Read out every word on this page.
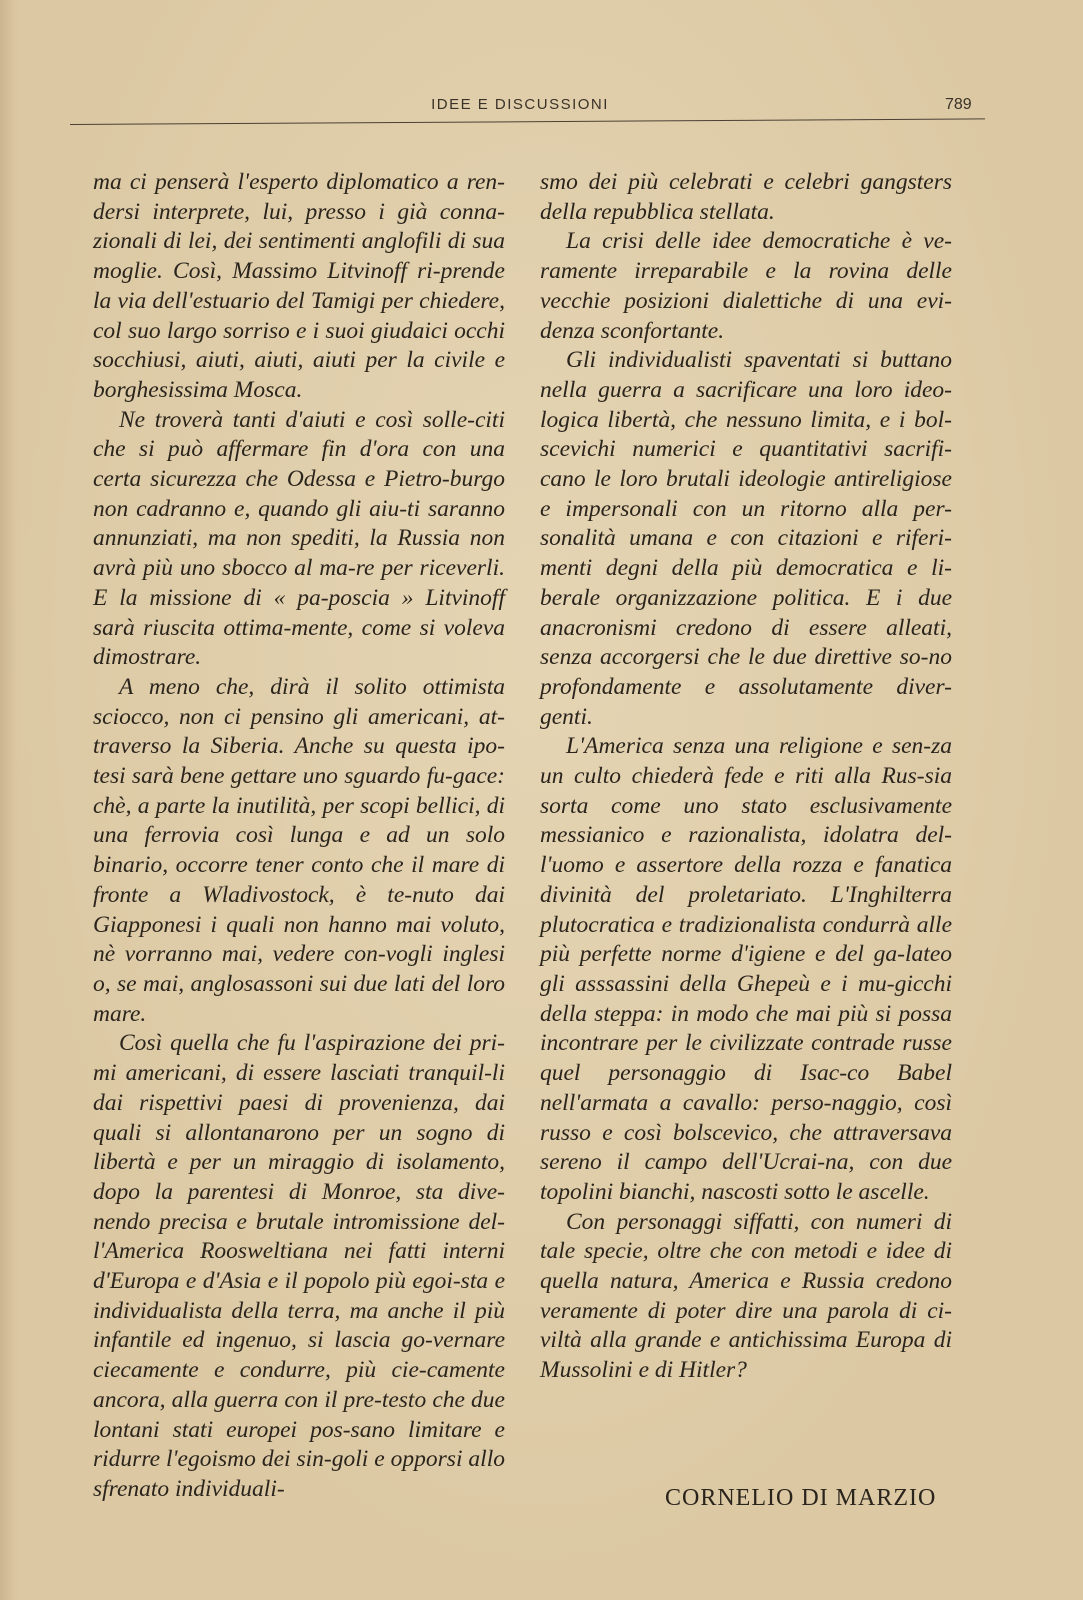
IDEE E DISCUSSIONI	789

ma ci penserà l'esperto diplomatico a ren-dersi interprete, lui, presso i già conna-zionali di lei, dei sentimenti anglofili di sua moglie. Così, Massimo Litvinoff ri-prende la via dell'estuario del Tamigi per chiedere, col suo largo sorriso e i suoi giudaici occhi socchiusi, aiuti, aiuti, aiuti per la civile e borghesissima Mosca.

Ne troverà tanti d'aiuti e così solle-citi che si può affermare fin d'ora con una certa sicurezza che Odessa e Pietro-burgo non cadranno e, quando gli aiu-ti saranno annunziati, ma non spediti, la Russia non avrà più uno sbocco al ma-re per riceverli. E la missione di « pa-poscia » Litvinoff sarà riuscita ottima-mente, come si voleva dimostrare.

A meno che, dirà il solito ottimista sciocco, non ci pensino gli americani, at-traverso la Siberia. Anche su questa ipo-tesi sarà bene gettare uno sguardo fu-gace: chè, a parte la inutilità, per scopi bellici, di una ferrovia così lunga e ad un solo binario, occorre tener conto che il mare di fronte a Wladivostock, è te-nuto dai Giapponesi i quali non hanno mai voluto, nè vorranno mai, vedere con-vogli inglesi o, se mai, anglosassoni sui due lati del loro mare.

Così quella che fu l'aspirazione dei pri-mi americani, di essere lasciati tranquil-li dai rispettivi paesi di provenienza, dai quali si allontanarono per un sogno di libertà e per un miraggio di isolamento, dopo la parentesi di Monroe, sta dive-nendo precisa e brutale intromissione del-l'America Roosweltiana nei fatti interni d'Europa e d'Asia e il popolo più egoi-sta e individualista della terra, ma anche il più infantile ed ingenuo, si lascia go-vernare ciecamente e condurre, più cie-camente ancora, alla guerra con il pre-testo che due lontani stati europei pos-sano limitare e ridurre l'egoismo dei sin-goli e opporsi allo sfrenato individuali-

smo dei più celebrati e celebri gangsters della repubblica stellata.

La crisi delle idee democratiche è ve-ramente irreparabile e la rovina delle vecchie posizioni dialettiche di una evi-denza sconfortante.

Gli individualisti spaventati si buttano nella guerra a sacrificare una loro ideo-logica libertà, che nessuno limita, e i bol-scevichi numerici e quantitativi sacrifi-cano le loro brutali ideologie antireligiose e impersonali con un ritorno alla per-sonalità umana e con citazioni e riferi-menti degni della più democratica e li-berale organizzazione politica. E i due anacronismi credono di essere alleati, senza accorgersi che le due direttive so-no profondamente e assolutamente diver-genti.

L'America senza una religione e sen-za un culto chiederà fede e riti alla Rus-sia sorta come uno stato esclusivamente messianico e razionalista, idolatra del-l'uomo e assertore della rozza e fanatica divinità del proletariato. L'Inghilterra plutocratica e tradizionalista condurrà alle più perfette norme d'igiene e del ga-lateo gli asssassini della Ghepeù e i mu-gicchi della steppa: in modo che mai più si possa incontrare per le civilizzate contrade russe quel personaggio di Isac-co Babel nell'armata a cavallo: perso-naggio, così russo e così bolscevico, che attraversava sereno il campo dell'Ucrai-na, con due topolini bianchi, nascosti sotto le ascelle.

Con personaggi siffatti, con numeri di tale specie, oltre che con metodi e idee di quella natura, America e Russia credono veramente di poter dire una parola di ci-viltà alla grande e antichissima Europa di Mussolini e di Hitler?

CORNELIO DI MARZIO
